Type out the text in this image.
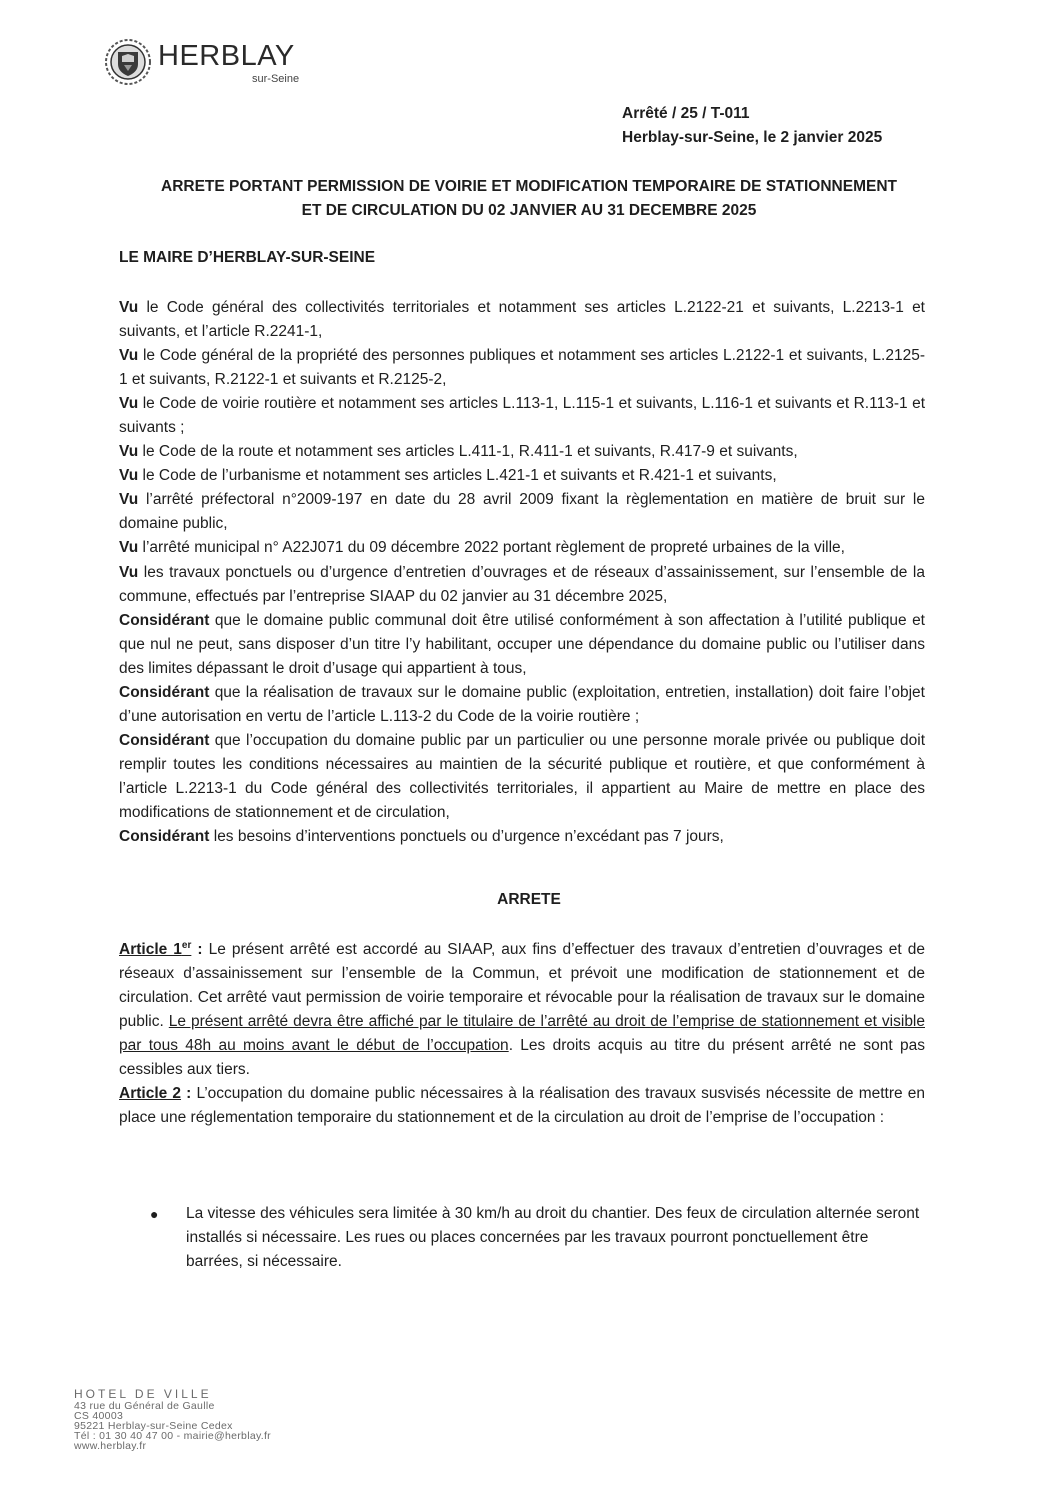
HERBLAY
sur-Seine
Arrêté / 25 / T-011
Herblay-sur-Seine, le 2 janvier 2025
ARRETE PORTANT PERMISSION DE VOIRIE ET MODIFICATION TEMPORAIRE DE STATIONNEMENT
ET DE CIRCULATION DU 02 JANVIER AU 31 DECEMBRE 2025
LE MAIRE D’HERBLAY-SUR-SEINE

Vu le Code général des collectivités territoriales et notamment ses articles L.2122-21 et suivants, L.2213-1 et suivants, et l’article R.2241-1,

Vu le Code général de la propriété des personnes publiques et notamment ses articles L.2122-1 et suivants, L.2125-1 et suivants, R.2122-1 et suivants et R.2125-2,

Vu le Code de voirie routière et notamment ses articles L.113-1, L.115-1 et suivants, L.116-1 et suivants et R.113-1 et suivants ;

Vu le Code de la route et notamment ses articles L.411-1, R.411-1 et suivants, R.417-9 et suivants,

Vu le Code de l’urbanisme et notamment ses articles L.421-1 et suivants et R.421-1 et suivants,

Vu l’arrêté préfectoral n°2009-197 en date du 28 avril 2009 fixant la règlementation en matière de bruit sur le domaine public,

Vu l’arrêté municipal n° A22J071 du 09 décembre 2022 portant règlement de propreté urbaines de la ville,

Vu les travaux ponctuels ou d’urgence d’entretien d’ouvrages et de réseaux d’assainissement, sur l’ensemble de la commune, effectués par l’entreprise SIAAP du 02 janvier au 31 décembre 2025,

Considérant que le domaine public communal doit être utilisé conformément à son affectation à l’utilité publique et que nul ne peut, sans disposer d’un titre l’y habilitant, occuper une dépendance du domaine public ou l’utiliser dans des limites dépassant le droit d’usage qui appartient à tous,

Considérant que la réalisation de travaux sur le domaine public (exploitation, entretien, installation) doit faire l’objet d’une autorisation en vertu de l’article L.113-2 du Code de la voirie routière ;

Considérant que l’occupation du domaine public par un particulier ou une personne morale privée ou publique doit remplir toutes les conditions nécessaires au maintien de la sécurité publique et routière, et que conformément à l’article L.2213-1 du Code général des collectivités territoriales, il appartient au Maire de mettre en place des modifications de stationnement et de circulation,

Considérant les besoins d’interventions ponctuels ou d’urgence n’excédant pas 7 jours,

ARRETE

Article 1er : Le présent arrêté est accordé au SIAAP, aux fins d’effectuer des travaux d’entretien d’ouvrages et de réseaux d’assainissement sur l’ensemble de la Commun, et prévoit une modification de stationnement et de circulation. Cet arrêté vaut permission de voirie temporaire et révocable pour la réalisation de travaux sur le domaine public. Le présent arrêté devra être affiché par le titulaire de l’arrêté au droit de l’emprise de stationnement et visible par tous 48h au moins avant le début de l’occupation. Les droits acquis au titre du présent arrêté ne sont pas cessibles aux tiers.

Article 2 : L’occupation du domaine public nécessaires à la réalisation des travaux susvisés nécessite de mettre en place une réglementation temporaire du stationnement et de la circulation au droit de l’emprise de l’occupation :

●	La vitesse des véhicules sera limitée à 30 km/h au droit du chantier. Des feux de circulation alternée seront installés si nécessaire. Les rues ou places concernées par les travaux pourront ponctuellement être barrées, si nécessaire.
HOTEL DE VILLE
43 rue du Général de Gaulle
CS 40003
95221 Herblay-sur-Seine Cedex
Tél : 01 30 40 47 00 - mairie@herblay.fr
www.herblay.fr
